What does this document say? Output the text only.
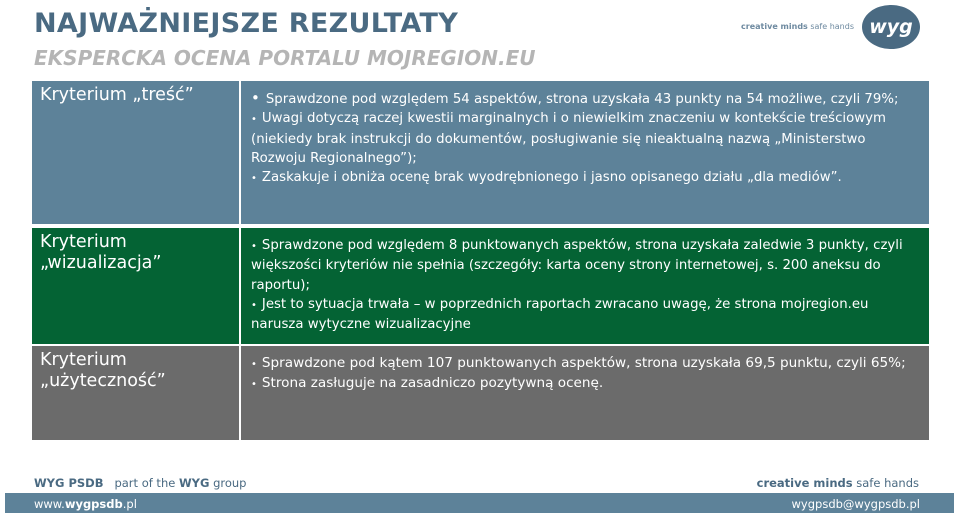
NAJWAŻNIEJSZE REZULTATY
EKSPERCKA OCENA PORTALU MOJREGION.EU
creative minds safe hands wyg
Kryterium „treść”

•	Sprawdzone pod względem 54 aspektów, strona uzyskała 43 punkty na 54 możliwe, czyli 79%;

• Uwagi dotyczą raczej kwestii marginalnych i o niewielkim znaczeniu w kontekście treściowym (niekiedy brak instrukcji do dokumentów, posługiwanie się nieaktualną nazwą „Ministerstwo Rozwoju Regionalnego”);

• Zaskakuje i obniża ocenę brak wyodrębnionego i jasno opisanego działu „dla mediów”.

Kryterium „wizualizacja”

• Sprawdzone pod względem 8 punktowanych aspektów, strona uzyskała zaledwie 3 punkty, czyli większości kryteriów nie spełnia (szczegóły: karta oceny strony internetowej, s. 200 aneksu do raportu);

• Jest to sytuacja trwała – w poprzednich raportach zwracano uwagę, że strona mojregion.eu narusza wytyczne wizualizacyjne

Kryterium „użyteczność”

• Sprawdzone pod kątem 107 punktowanych aspektów, strona uzyskała 69,5 punktu, czyli 65%;

• Strona zasługuje na zasadniczo pozytywną ocenę.

WYG PSDB part of the WYG group	creative minds safe hands
www.wygpsdb.pl	wygpsdb@wygpsdb.pl
